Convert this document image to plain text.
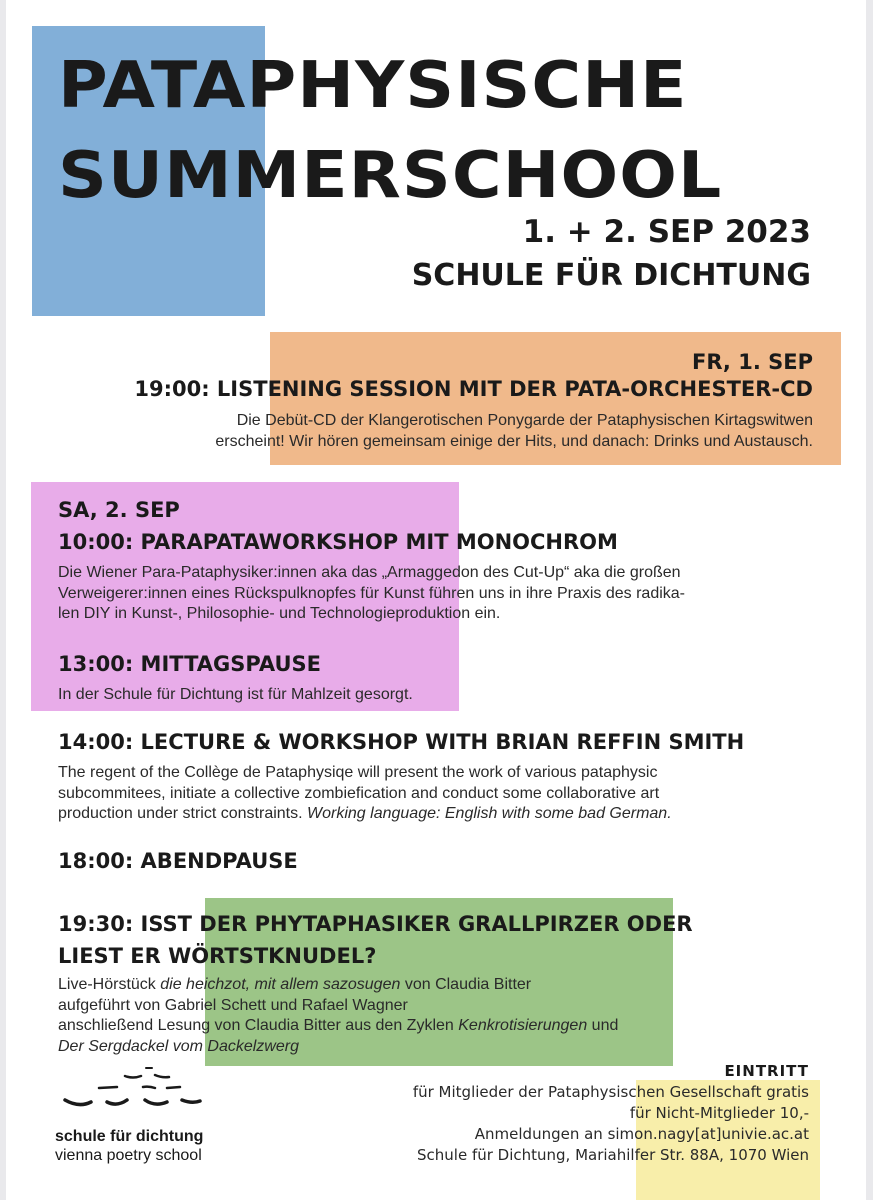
PATAPHYSISCHE
SUMMERSCHOOL
1. + 2. SEP 2023
SCHULE FÜR DICHTUNG
FR, 1. SEP
19:00: LISTENING SESSION MIT DER PATA-ORCHESTER-CD
Die Debüt-CD der Klangerotischen Ponygarde der Pataphysischen Kirtagswitwen
erscheint! Wir hören gemeinsam einige der Hits, und danach: Drinks und Austausch.
SA, 2. SEP
10:00: PARAPATAWORKSHOP MIT MONOCHROM
Die Wiener Para-Pataphysiker:innen aka das „Armaggedon des Cut-Up“ aka die großen
Verweigerer:innen eines Rückspulknopfes für Kunst führen uns in ihre Praxis des radika-
len DIY in Kunst-, Philosophie- und Technologieproduktion ein.
13:00: MITTAGSPAUSE
In der Schule für Dichtung ist für Mahlzeit gesorgt.
14:00: LECTURE & WORKSHOP WITH BRIAN REFFIN SMITH
The regent of the Collège de Pataphysiqe will present the work of various pataphysic
subcommitees, initiate a collective zombiefication and conduct some collaborative art
production under strict constraints. Working language: English with some bad German.
18:00: ABENDPAUSE
19:30: ISST DER PHYTAPHASIKER GRALLPIRZER ODER
LIEST ER WÖRTSTKNUDEL?
Live-Hörstück die heichzot, mit allem sazosugen von Claudia Bitter
aufgeführt von Gabriel Schett und Rafael Wagner
anschließend Lesung von Claudia Bitter aus den Zyklen Kenkrotisierungen und
Der Sergdackel vom Dackelzwerg
schule für dichtung
vienna poetry school
EINTRITT
für Mitglieder der Pataphysischen Gesellschaft gratis
für Nicht-Mitglieder 10,-
Anmeldungen an simon.nagy[at]univie.ac.at
Schule für Dichtung, Mariahilfer Str. 88A, 1070 Wien
